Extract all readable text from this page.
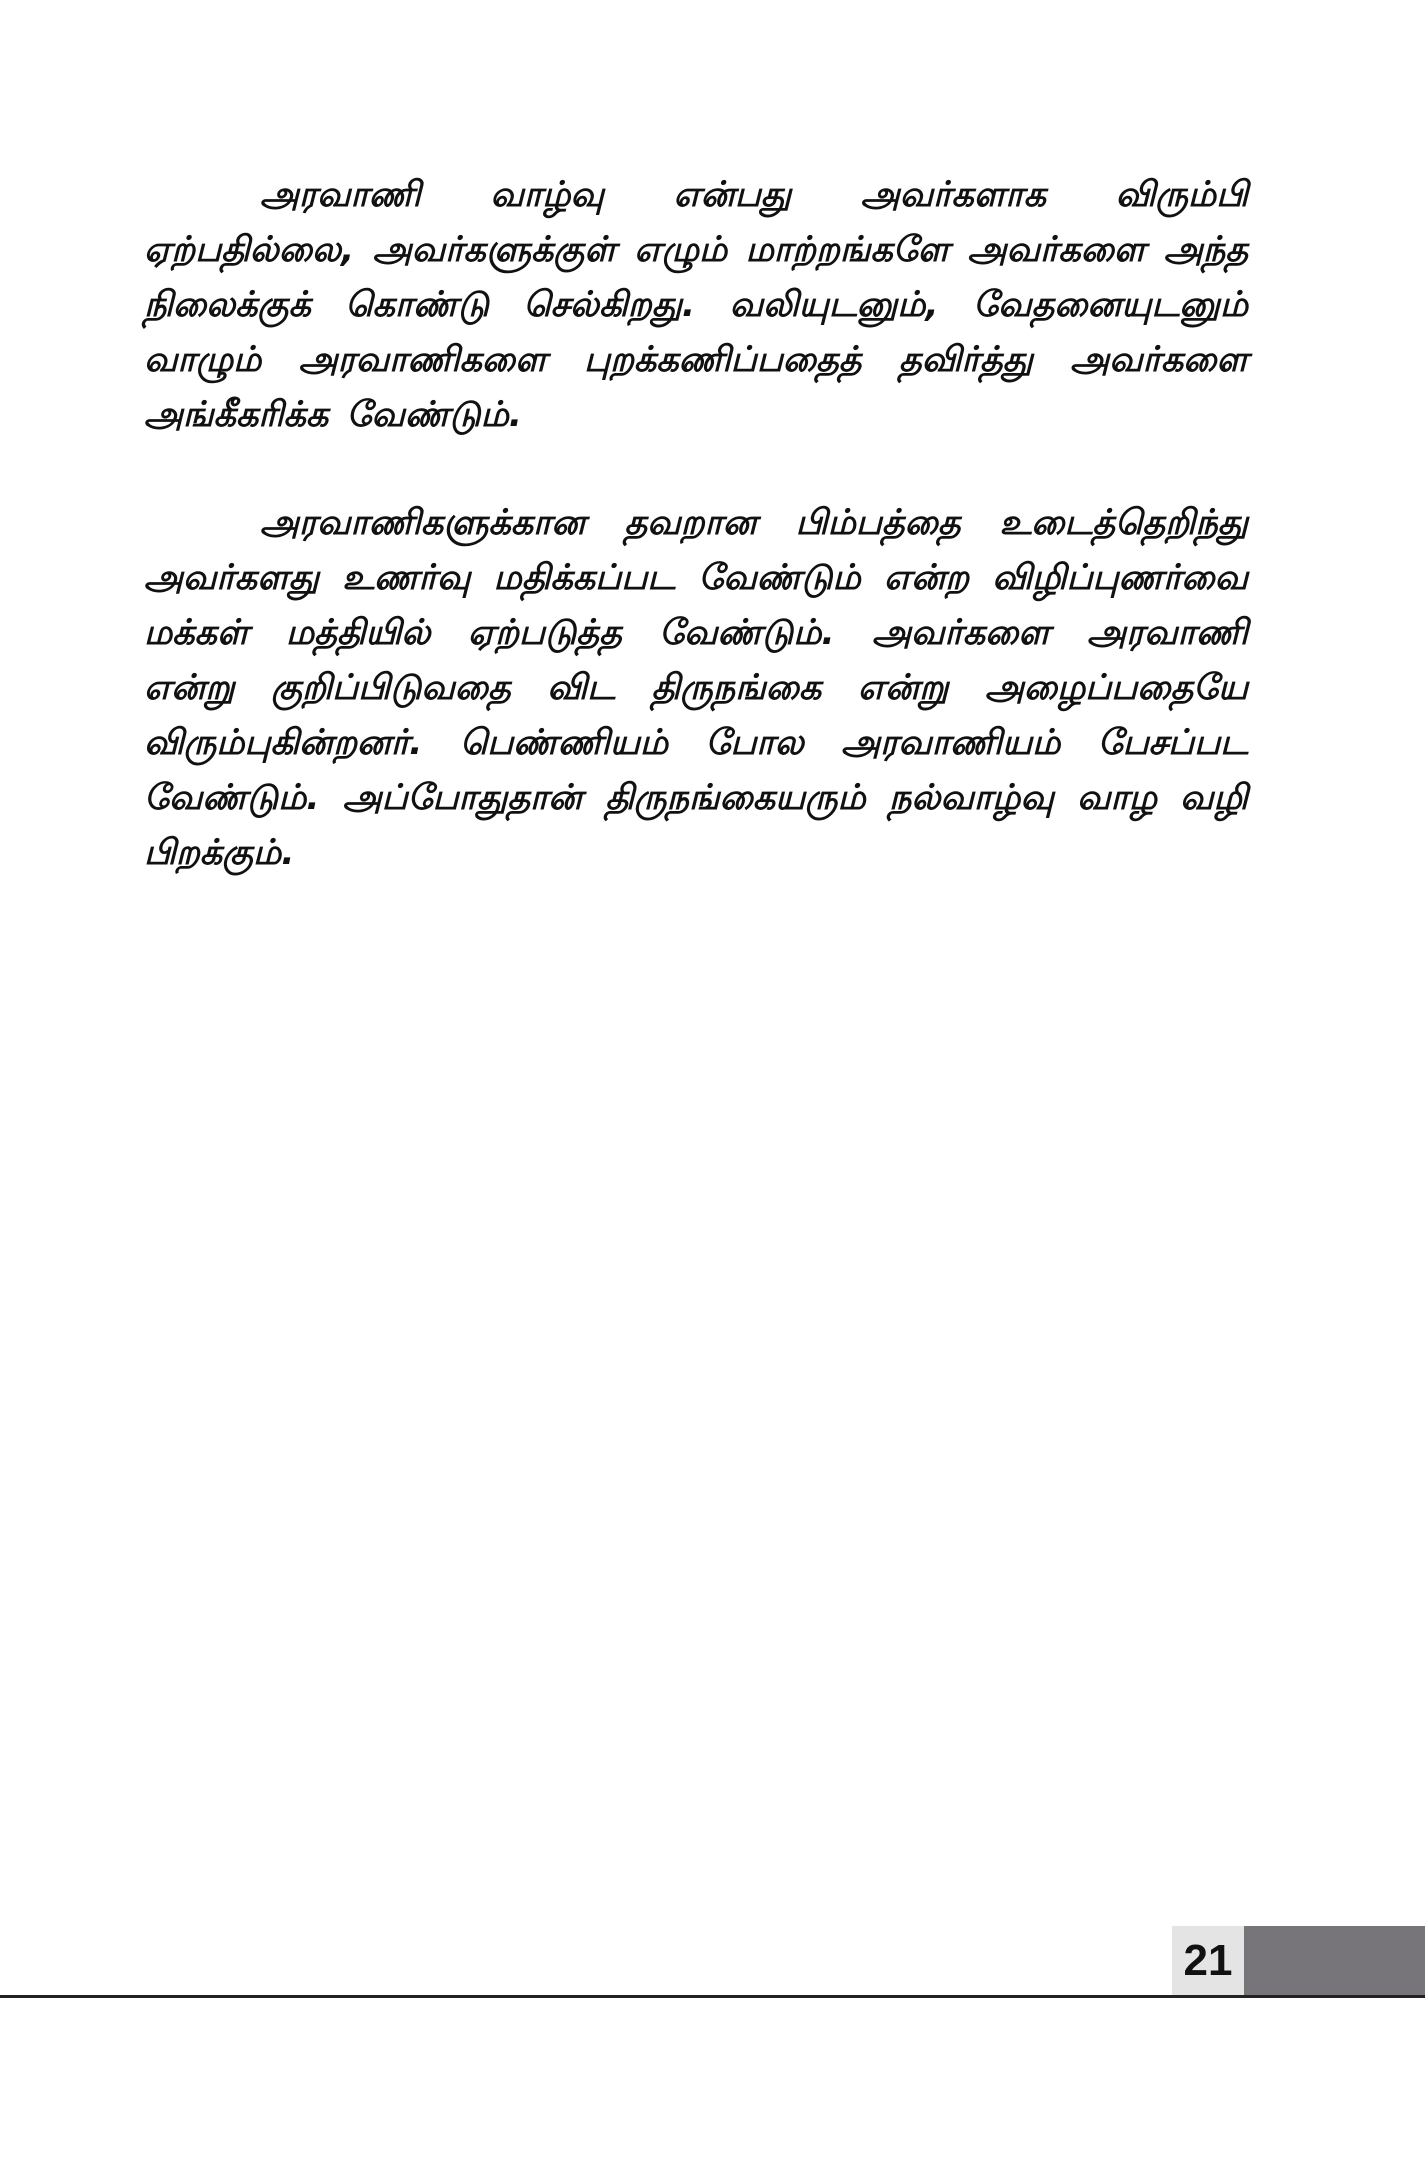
அரவாணி வாழ்வு என்பது அவர்களாக விரும்பி ஏற்பதில்லை, அவர்களுக்குள் எழும் மாற்றங்களே அவர்களை அந்த நிலைக்குக் கொண்டு செல்கிறது. வலியுடனும், வேதனையுடனும் வாழும் அரவாணிகளை புறக்கணிப்பதைத் தவிர்த்து அவர்களை அங்கீகரிக்க வேண்டும்.

அரவாணிகளுக்கான தவறான பிம்பத்தை உடைத்தெறிந்து அவர்களது உணர்வு மதிக்கப்பட வேண்டும் என்ற விழிப்புணர்வை மக்கள் மத்தியில் ஏற்படுத்த வேண்டும். அவர்களை அரவாணி என்று குறிப்பிடுவதை விட திருநங்கை என்று அழைப்பதையே விரும்புகின்றனர். பெண்ணியம் போல அரவாணியம் பேசப்பட வேண்டும். அப்போதுதான் திருநங்கையரும் நல்வாழ்வு வாழ வழி பிறக்கும்.

21
